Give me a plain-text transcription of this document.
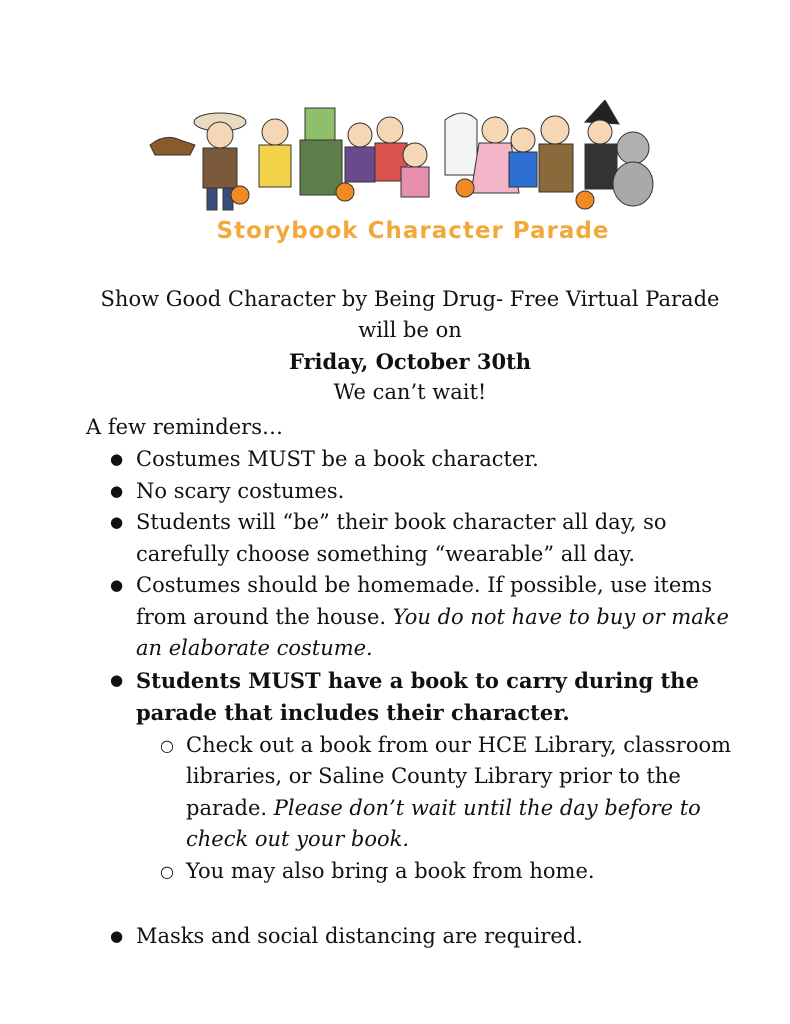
Storybook Character Parade
Show Good Character by Being Drug- Free Virtual Parade
will be on
Friday, October 30th
We can’t wait!
A few reminders…
● Costumes MUST be a book character.
● No scary costumes.
● Students will “be” their book character all day, so carefully choose something “wearable” all day.
● Costumes should be homemade. If possible, use items from around the house. You do not have to buy or make an elaborate costume.
● Students MUST have a book to carry during the parade that includes their character.
○ Check out a book from our HCE Library, classroom libraries, or Saline County Library prior to the parade. Please don’t wait until the day before to check out your book.
○ You may also bring a book from home.
● Masks and social distancing are required.
